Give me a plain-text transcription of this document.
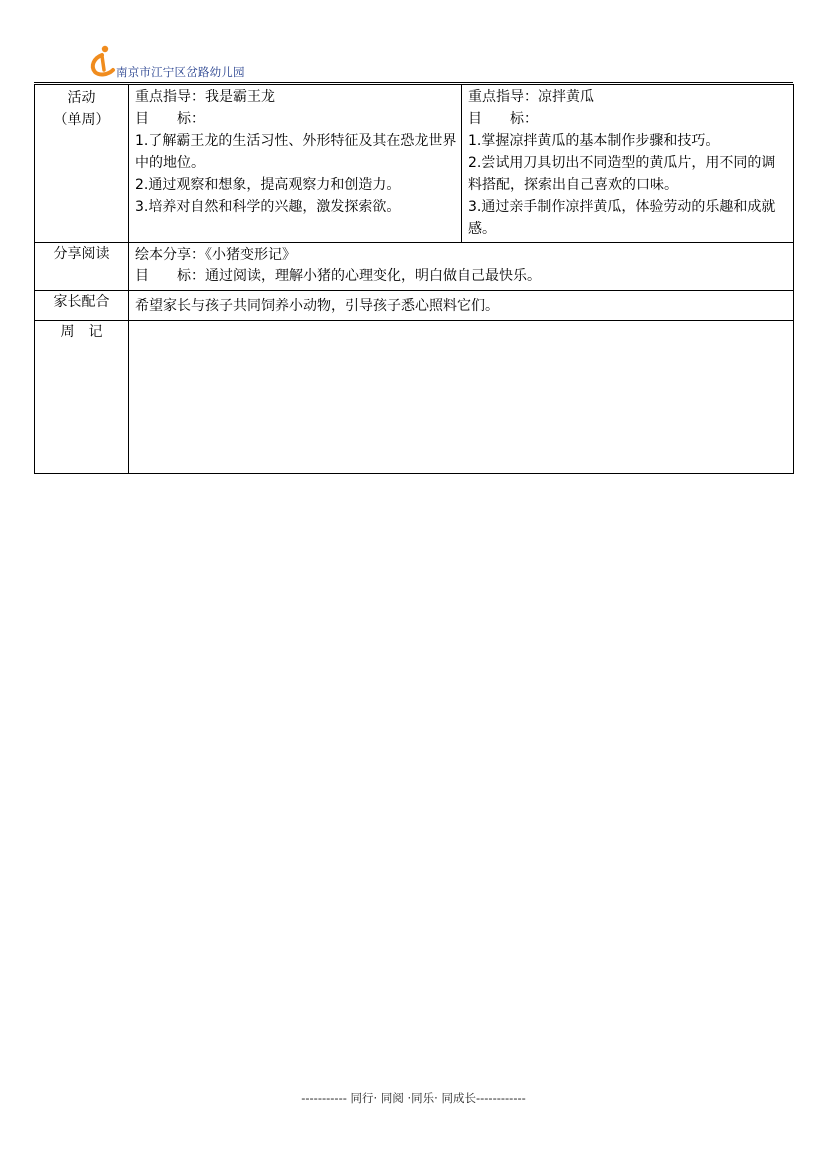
南京市江宁区岔路幼儿园
活动
（单周）	重点指导：我是霸王龙
目　　标：
1.了解霸王龙的生活习性、外形特征及其在恐龙世界中的地位。
2.通过观察和想象，提高观察力和创造力。
3.培养对自然和科学的兴趣，激发探索欲。	重点指导：凉拌黄瓜
目　　标：
1.掌握凉拌黄瓜的基本制作步骤和技巧。
2.尝试用刀具切出不同造型的黄瓜片，用不同的调料搭配，探索出自己喜欢的口味。
3.通过亲手制作凉拌黄瓜，体验劳动的乐趣和成就感。

分享阅读	绘本分享：《小猪变形记》
目　　标：通过阅读，理解小猪的心理变化，明白做自己最快乐。	

家长配合	希望家长与孩子共同饲养小动物，引导孩子悉心照料它们。	

周　记		
----------- 同行· 同阅 ·同乐· 同成长------------
